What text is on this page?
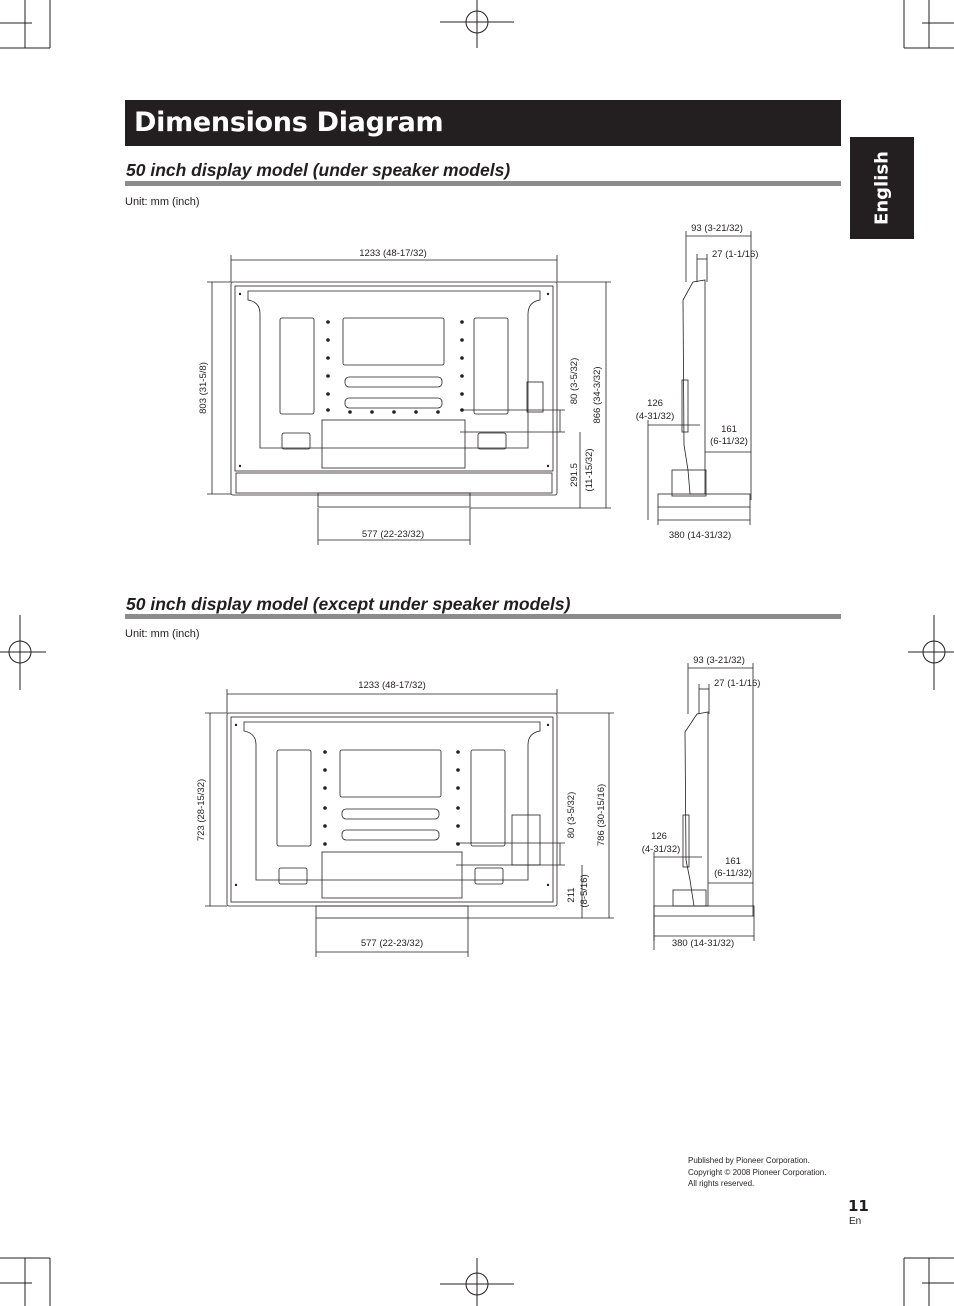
Dimensions Diagram
English
50 inch display model (under speaker models)
Unit: mm (inch)
1233 (48-17/32)
803 (31-5/8)	866 (34-3/32)
80 (3-5/32)
291.5 (11-15/32)
577 (22-23/32)
93 (3-21/32)
27 (1-1/16)
126
(4-31/32)
161
(6-11/32)
380 (14-31/32)
50 inch display model (except under speaker models)
Unit: mm (inch)
1233 (48-17/32)
723 (28-15/32)	786 (30-15/16)
80 (3-5/32)
211 (8-5/16)
577 (22-23/32)
93 (3-21/32)
27 (1-1/16)
126
(4-31/32)
161
(6-11/32)
380 (14-31/32)
Published by Pioneer Corporation.
Copyright © 2008 Pioneer Corporation.
All rights reserved.
11
En
